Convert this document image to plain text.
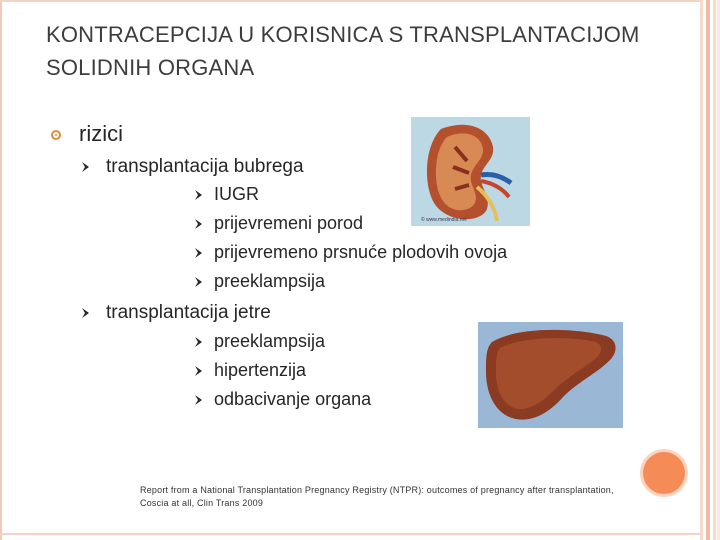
KONTRACEPCIJA U KORISNICA S TRANSPLANTACIJOM SOLIDNIH ORGANA
rizici
transplantacija bubrega
IUGR
prijevremeni porod
prijevremeno prsnuće plodovih ovoja
preeklampsija
transplantacija jetre
preeklampsija
hipertenzija
odbacivanje organa
© www.medindia.net
Report from a National Transplantation Pregnancy Registry (NTPR): outcomes of pregnancy after transplantation,
Coscia at all, Clin Trans 2009
